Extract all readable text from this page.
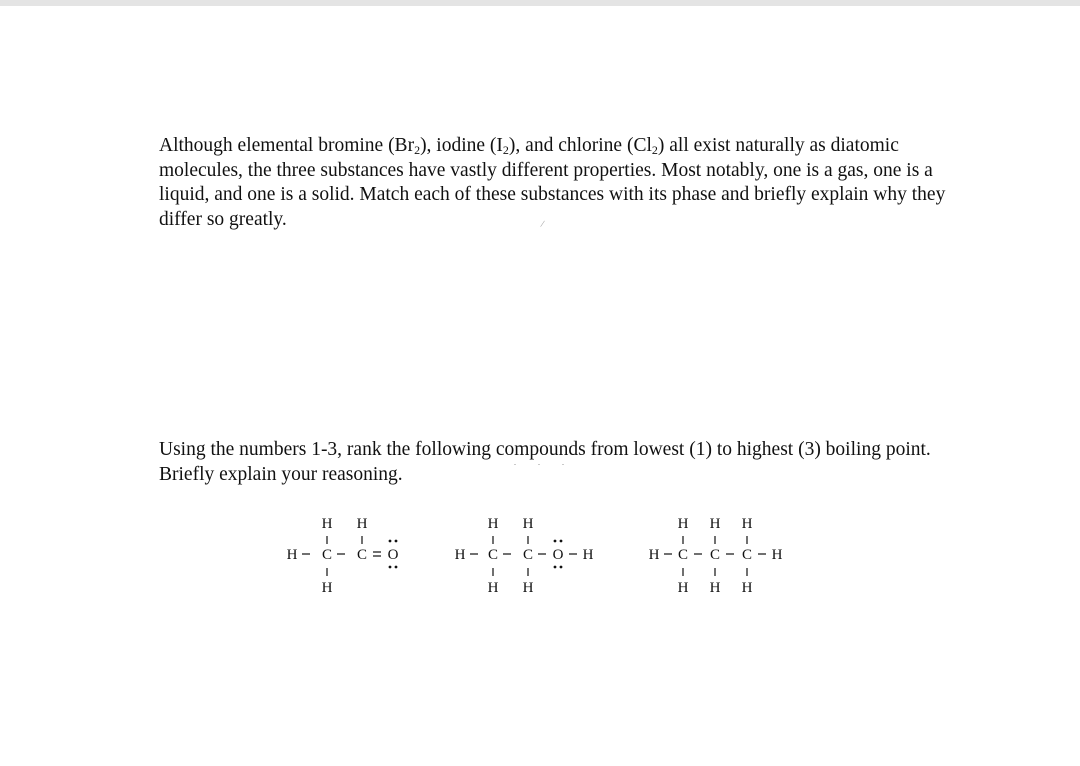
Although elemental bromine $(Br_2)$, iodine $(I_2)$, and chlorine $(Cl_2)$ all exist naturally as diatomic molecules, the three substances have vastly different properties. Most notably, one is a gas, one is a liquid, and one is a solid. Match each of these substances with its phase and briefly explain why they differ so greatly.	/

Using the numbers 1-3, rank the following compounds from lowest (1) to highest (3) boiling point. Briefly explain your reasoning.

. . .
H H
H C C O
H
H H
H C C O H
H H
H H H
H C C C H
H H H
